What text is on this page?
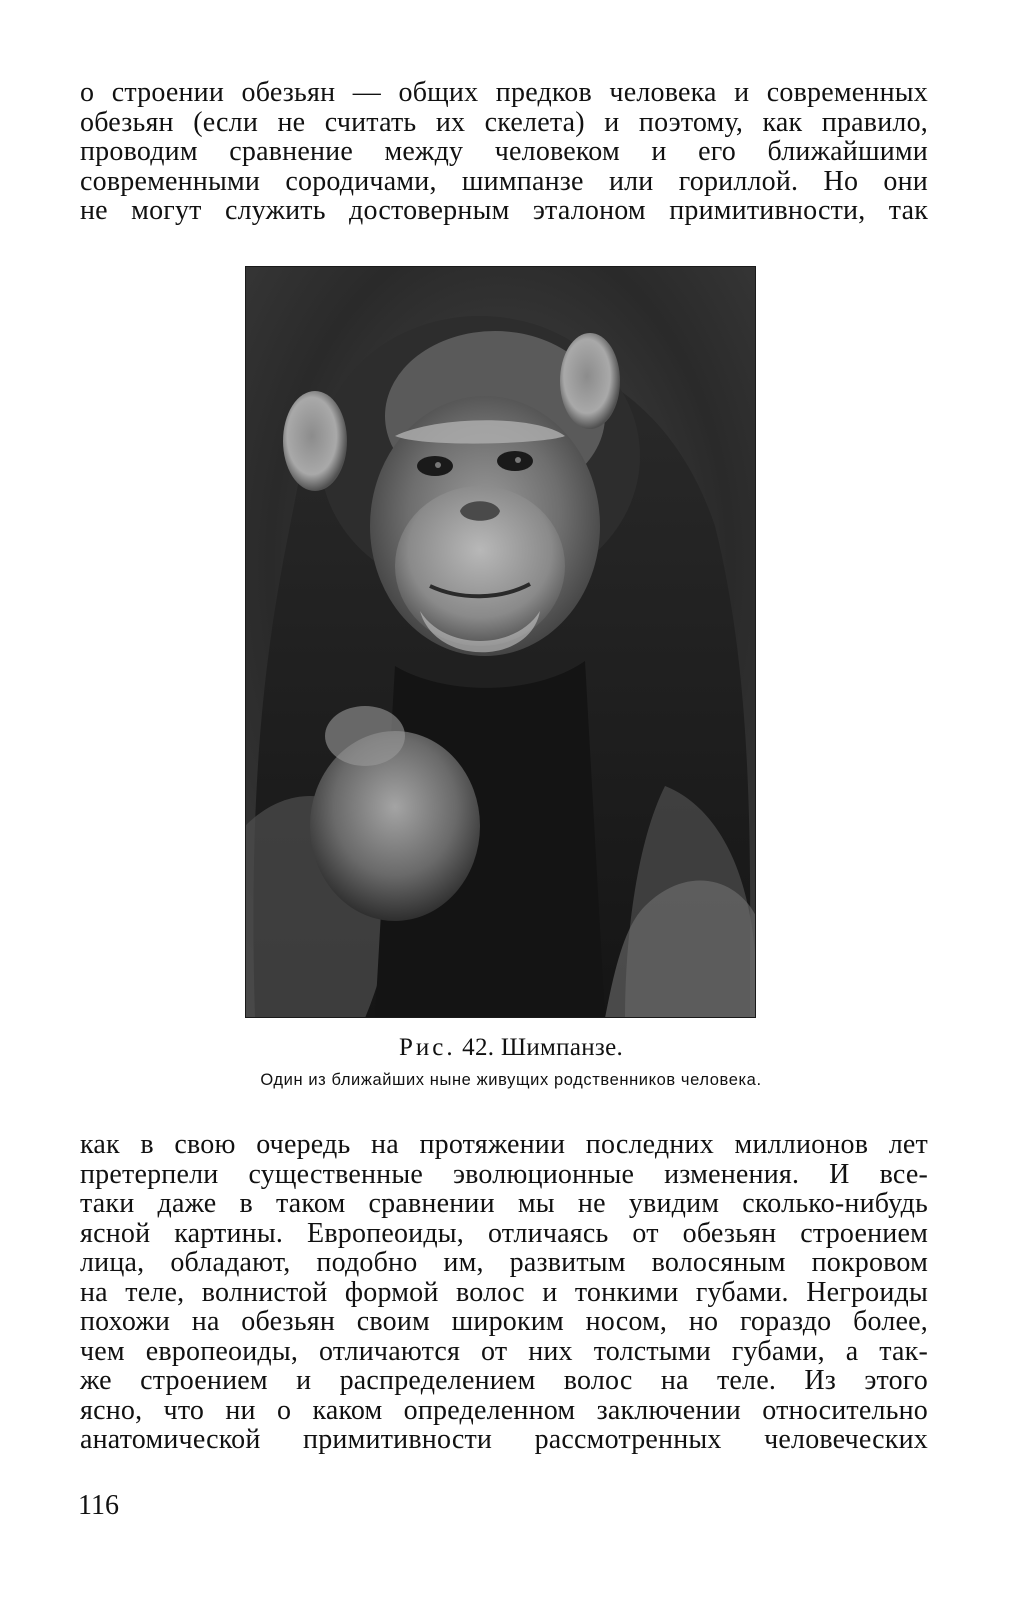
о строении обезьян — общих предков человека и современных
обезьян (если не считать их скелета) и поэтому, как правило,
проводим сравнение между человеком и его ближайшими
современными сородичами, шимпанзе или гориллой. Но они
не могут служить достоверным эталоном примитивности, так
Рис. 42. Шимпанзе.
Один из ближайших ныне живущих родственников человека.
как в свою очередь на протяжении последних миллионов лет
претерпели существенные эволюционные изменения. И все-
таки даже в таком сравнении мы не увидим сколько-нибудь
ясной картины. Европеоиды, отличаясь от обезьян строением
лица, обладают, подобно им, развитым волосяным покровом
на теле, волнистой формой волос и тонкими губами. Негроиды
похожи на обезьян своим широким носом, но гораздо более,
чем европеоиды, отличаются от них толстыми губами, а так-
же строением и распределением волос на теле. Из этого
ясно, что ни о каком определенном заключении относительно
анатомической примитивности рассмотренных человеческих
116
